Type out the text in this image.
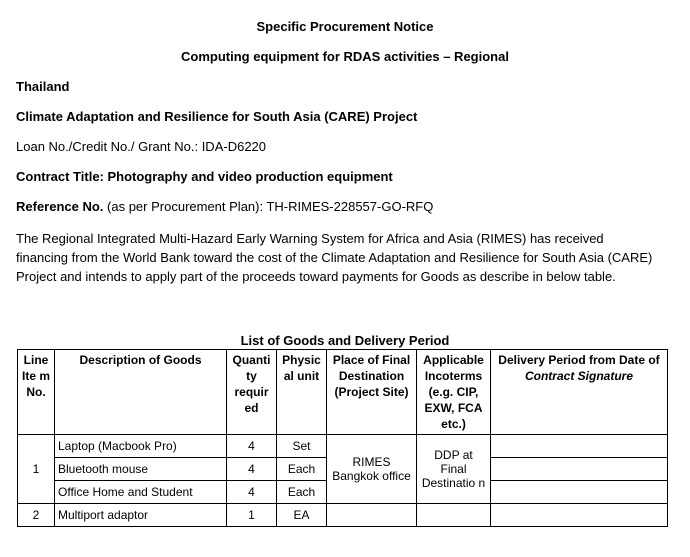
Specific Procurement Notice
Computing equipment for RDAS activities – Regional
Thailand
Climate Adaptation and Resilience for South Asia (CARE) Project
Loan No./Credit No./ Grant No.: IDA-D6220
Contract Title: Photography and video production equipment
Reference No. (as per Procurement Plan): TH-RIMES-228557-GO-RFQ
The Regional Integrated Multi-Hazard Early Warning System for Africa and Asia (RIMES) has received financing from the World Bank toward the cost of the Climate Adaptation and Resilience for South Asia (CARE) Project and intends to apply part of the proceeds toward payments for Goods as describe in below table.
List of Goods and Delivery Period
Line Ite m No.	Description of Goods	Quanti ty requir ed	Physic al unit	Place of Final Destination (Project Site)	Applicable Incoterms (e.g. CIP, EXW, FCA etc.)	Delivery Period from Date of Contract Signature
1	Laptop (Macbook Pro)	4	Set	RIMES Bangkok office	DDP at Final Destinatio n	
	Bluetooth mouse	4	Each			
	Office Home and Student	4	Each			
2	Multiport adaptor	1	EA			
